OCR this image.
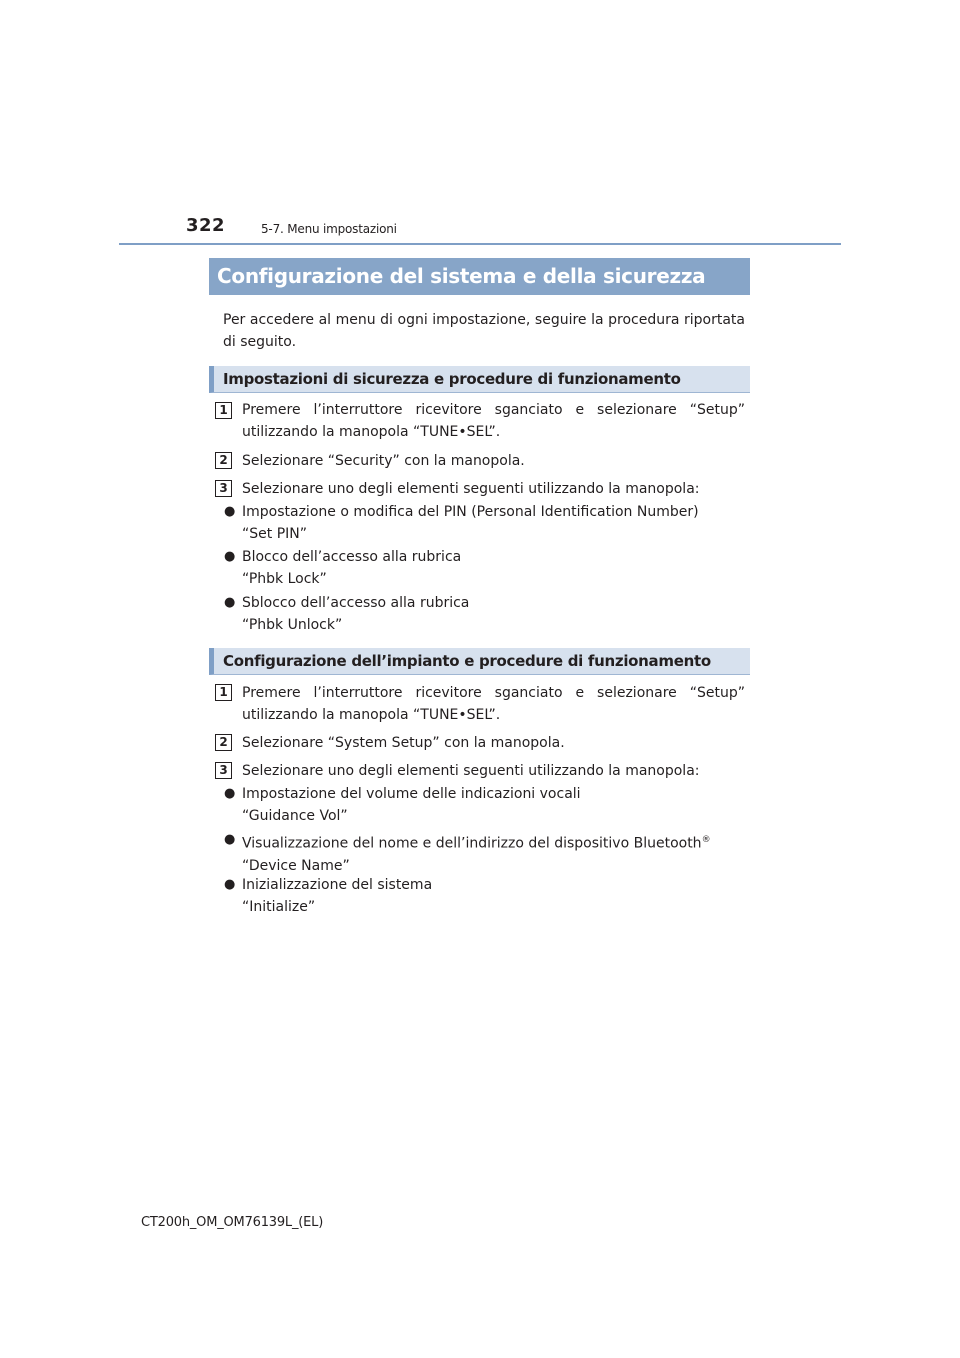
322	5-7. Menu impostazioni
Configurazione del sistema e della sicurezza
Per accedere al menu di ogni impostazione, seguire la procedura riportata di seguito.
Impostazioni di sicurezza e procedure di funzionamento
1	Premere l’interruttore ricevitore sganciato e selezionare “Setup” utilizzando la manopola “TUNE•SEL”.
2	Selezionare “Security” con la manopola.
3	Selezionare uno degli elementi seguenti utilizzando la manopola:
● Impostazione o modifica del PIN (Personal Identification Number)
“Set PIN”
● Blocco dell’accesso alla rubrica
“Phbk Lock”
● Sblocco dell’accesso alla rubrica
“Phbk Unlock”
Configurazione dell’impianto e procedure di funzionamento
1	Premere l’interruttore ricevitore sganciato e selezionare “Setup” utilizzando la manopola “TUNE•SEL”.
2	Selezionare “System Setup” con la manopola.
3	Selezionare uno degli elementi seguenti utilizzando la manopola:
● Impostazione del volume delle indicazioni vocali
“Guidance Vol”
● Visualizzazione del nome e dell’indirizzo del dispositivo Bluetooth®
“Device Name”
● Inizializzazione del sistema
“Initialize”
CT200h_OM_OM76139L_(EL)
